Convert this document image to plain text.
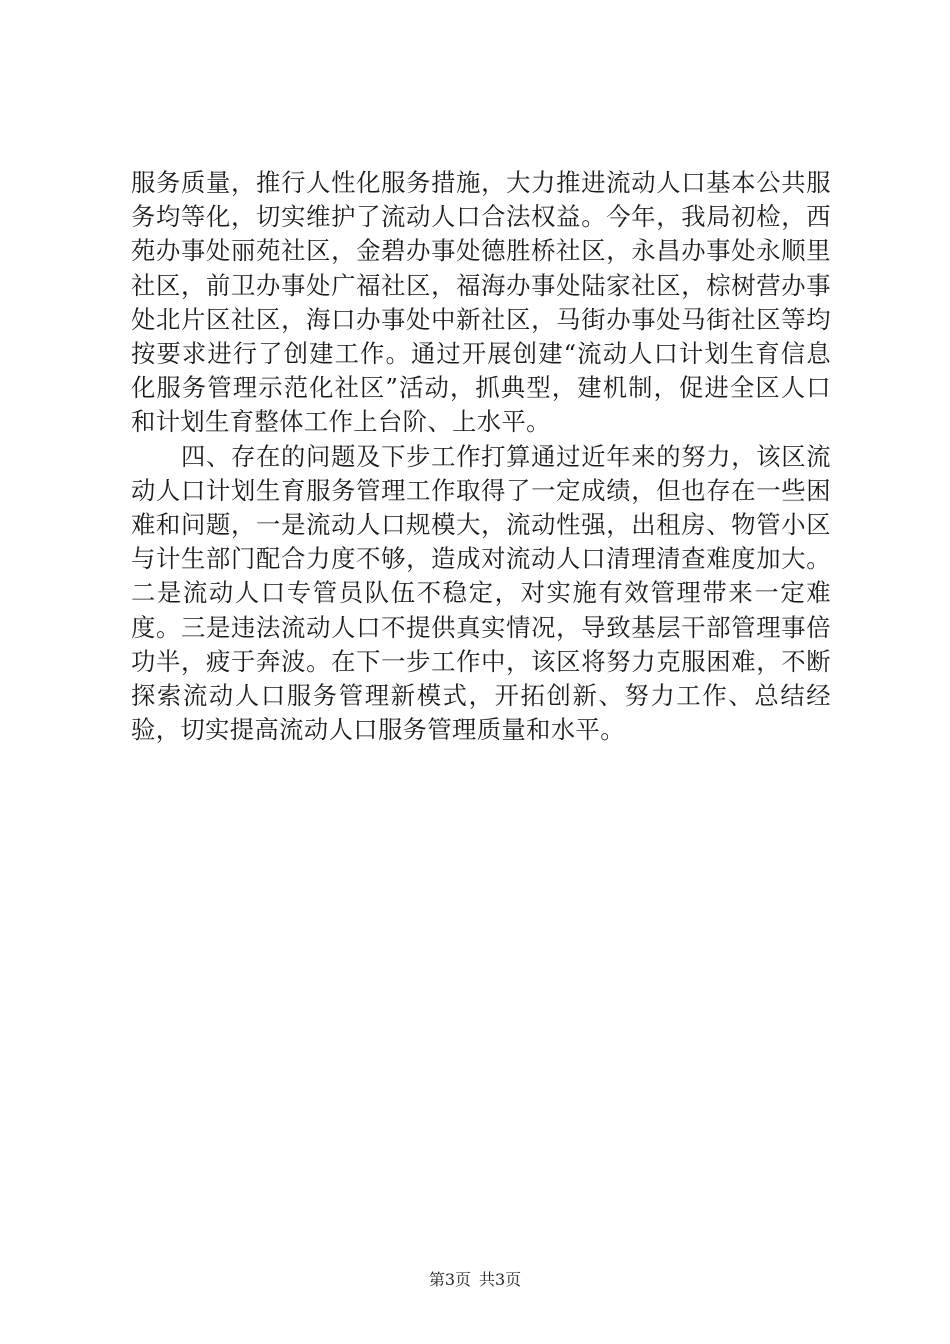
服务质量，推行人性化服务措施，大力推进流动人口基本公共服务均等化，切实维护了流动人口合法权益。今年，我局初检，西苑办事处丽苑社区，金碧办事处德胜桥社区，永昌办事处永顺里社区，前卫办事处广福社区，福海办事处陆家社区，棕树营办事处北片区社区，海口办事处中新社区，马街办事处马街社区等均按要求进行了创建工作。通过开展创建“流动人口计划生育信息化服务管理示范化社区”活动，抓典型，建机制，促进全区人口和计划生育整体工作上台阶、上水平。

四、存在的问题及下步工作打算通过近年来的努力，该区流动人口计划生育服务管理工作取得了一定成绩，但也存在一些困难和问题，一是流动人口规模大，流动性强，出租房、物管小区与计生部门配合力度不够，造成对流动人口清理清查难度加大。二是流动人口专管员队伍不稳定，对实施有效管理带来一定难度。三是违法流动人口不提供真实情况，导致基层干部管理事倍功半，疲于奔波。在下一步工作中，该区将努力克服困难，不断探索流动人口服务管理新模式，开拓创新、努力工作、总结经验，切实提高流动人口服务管理质量和水平。

第3页 共3页
